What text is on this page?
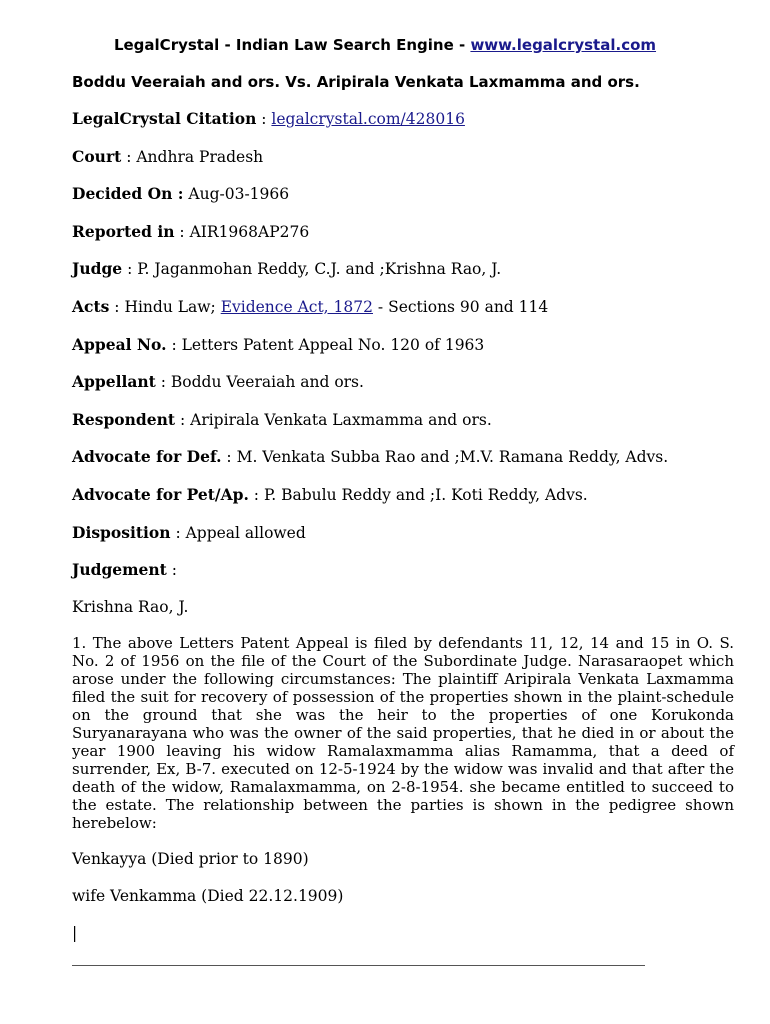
LegalCrystal - Indian Law Search Engine - www.legalcrystal.com
Boddu Veeraiah and ors. Vs. Aripirala Venkata Laxmamma and ors.
LegalCrystal Citation : legalcrystal.com/428016
Court : Andhra Pradesh
Decided On : Aug-03-1966
Reported in : AIR1968AP276
Judge : P. Jaganmohan Reddy, C.J. and ;Krishna Rao, J.
Acts : Hindu Law; Evidence Act, 1872 - Sections 90 and 114
Appeal No. : Letters Patent Appeal No. 120 of 1963
Appellant : Boddu Veeraiah and ors.
Respondent : Aripirala Venkata Laxmamma and ors.
Advocate for Def. : M. Venkata Subba Rao and ;M.V. Ramana Reddy, Advs.
Advocate for Pet/Ap. : P. Babulu Reddy and ;I. Koti Reddy, Advs.
Disposition : Appeal allowed
Judgement :
Krishna Rao, J.
1. The above Letters Patent Appeal is filed by defendants 11, 12, 14 and 15 in O. S. No. 2 of 1956 on the file of the Court of the Subordinate Judge. Narasaraopet which arose under the following circumstances: The plaintiff Aripirala Venkata Laxmamma filed the suit for recovery of possession of the properties shown in the plaint-schedule on the ground that she was the heir to the properties of one Korukonda Suryanarayana who was the owner of the said properties, that he died in or about the year 1900 leaving his widow Ramalaxmamma alias Ramamma, that a deed of surrender, Ex, B-7. executed on 12-5-1924 by the widow was invalid and that after the death of the widow, Ramalaxmamma, on 2-8-1954. she became entitled to succeed to the estate. The relationship between the parties is shown in the pedigree shown herebelow:
Venkayya (Died prior to 1890)
wife Venkamma (Died 22.12.1909)
|
